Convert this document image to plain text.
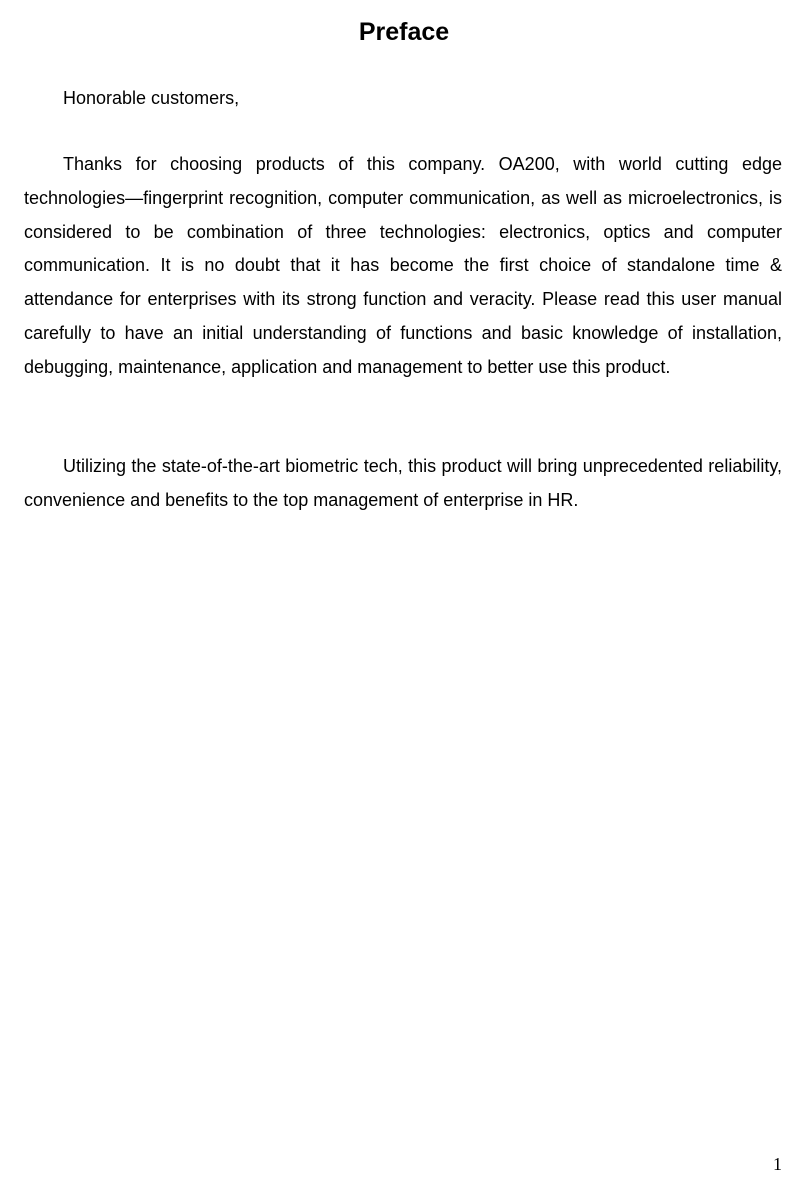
Preface

Honorable customers,

Thanks for choosing products of this company. OA200, with world cutting edge technologies—fingerprint recognition, computer communication, as well as microelectronics, is considered to be combination of three technologies: electronics, optics and computer communication. It is no doubt that it has become the first choice of standalone time & attendance for enterprises with its strong function and veracity. Please read this user manual carefully to have an initial understanding of functions and basic knowledge of installation, debugging, maintenance, application and management to better use this product.

Utilizing the state-of-the-art biometric tech, this product will bring unprecedented reliability, convenience and benefits to the top management of enterprise in HR.

1
